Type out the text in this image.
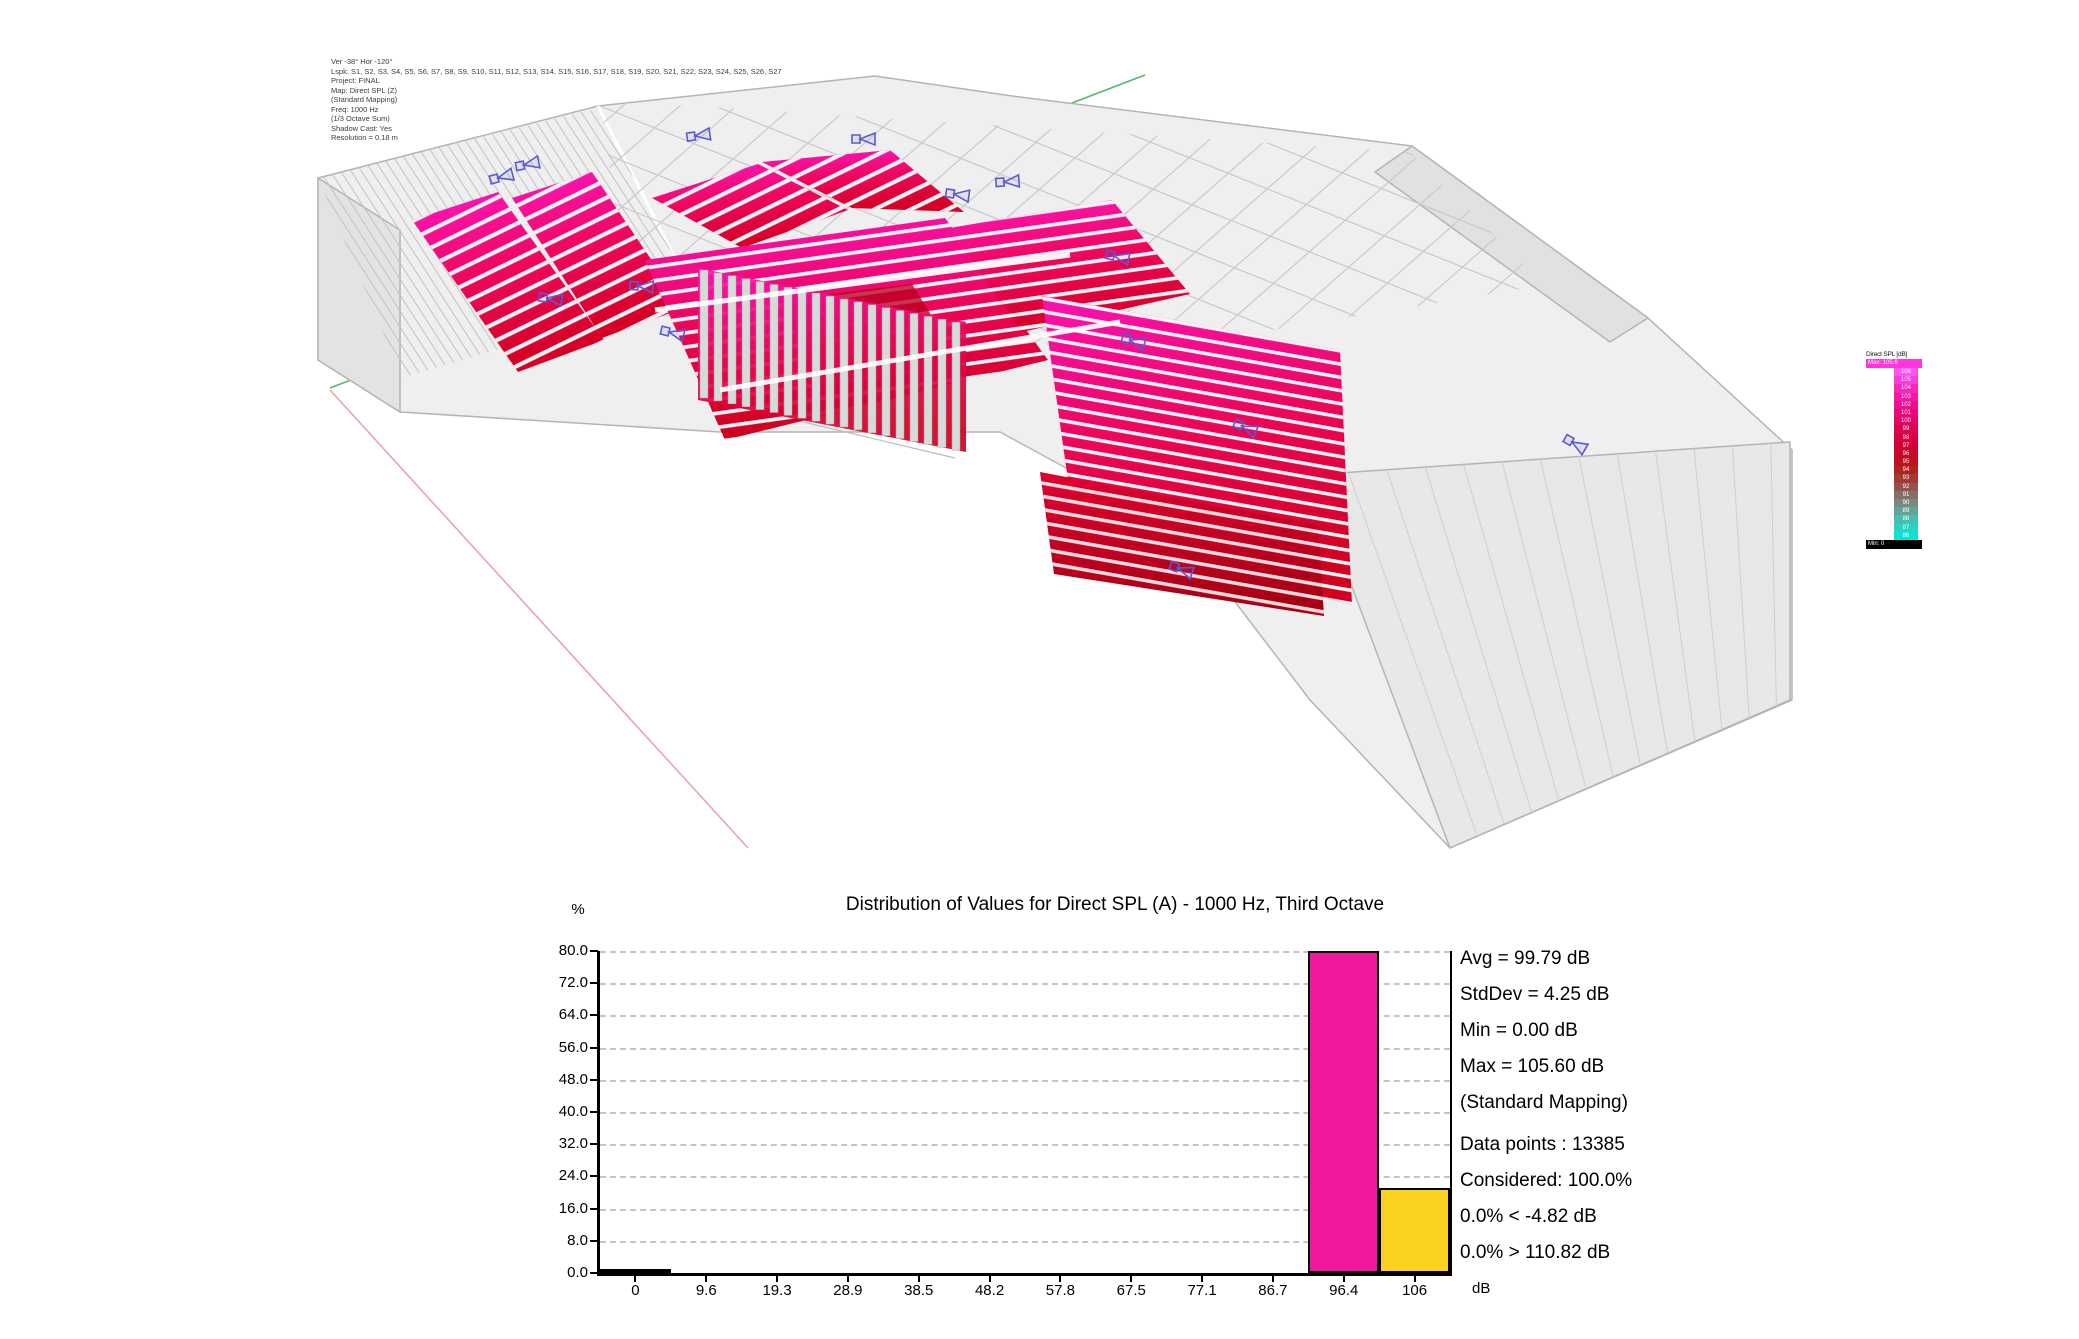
Ver -38° Hor -120°
Lspk: S1, S2, S3, S4, S5, S6, S7, S8, S9, S10, S11, S12, S13, S14, S15, S16, S17, S18, S19, S20, S21, S22, S23, S24, S25, S26, S27
Project: FINAL
Map: Direct SPL (Z)
(Standard Mapping)
Freq: 1000 Hz
(1/3 Octave Sum)
Shadow Cast: Yes
Resolution = 0.18 m
Direct SPL [dB]
Max: 105.6
106
105
104
103
102
101
100
99
98
97
96
95
94
93
92
91
90
89
88
87
86
Min: 0
Distribution of Values for Direct SPL (A) - 1000 Hz, Third Octave
%
dB
80.0
72.0
64.0
56.0
48.0
40.0
32.0
24.0
16.0
8.0
0.0
0	9.6	19.3	28.9	38.5	48.2	57.8	67.5	77.1	86.7	96.4	106
Avg = 99.79 dB
StdDev = 4.25 dB
Min = 0.00 dB
Max = 105.60 dB
(Standard Mapping)
Data points : 13385
Considered: 100.0%
0.0% < -4.82 dB
0.0% > 110.82 dB
